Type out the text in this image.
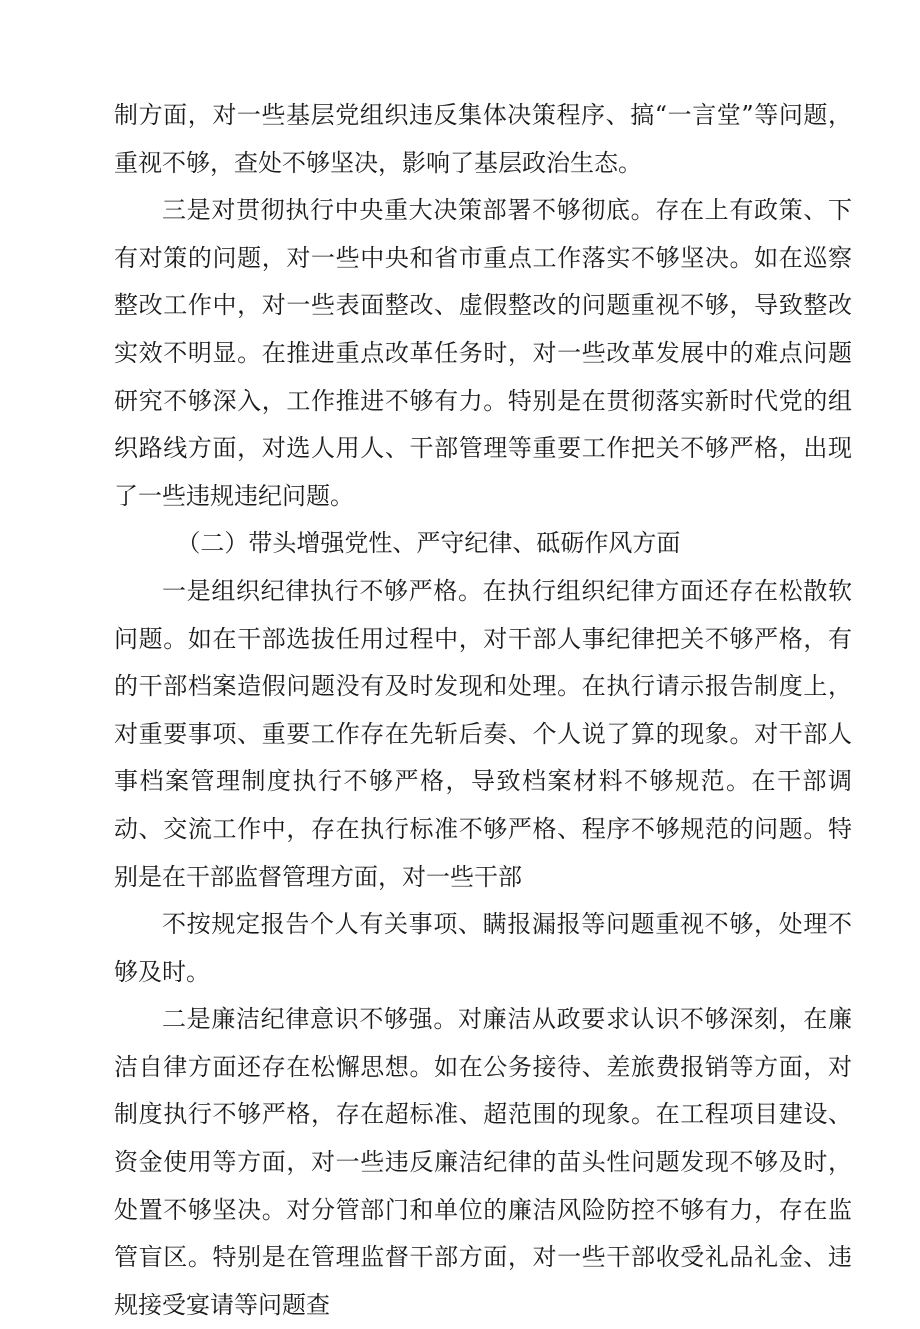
制方面，对一些基层党组织违反集体决策程序、搞“一言堂”等问题，重视不够，查处不够坚决，影响了基层政治生态。

三是对贯彻执行中央重大决策部署不够彻底。存在上有政策、下有对策的问题，对一些中央和省市重点工作落实不够坚决。如在巡察整改工作中，对一些表面整改、虚假整改的问题重视不够，导致整改实效不明显。在推进重点改革任务时，对一些改革发展中的难点问题研究不够深入，工作推进不够有力。特别是在贯彻落实新时代党的组织路线方面，对选人用人、干部管理等重要工作把关不够严格，出现了一些违规违纪问题。

（二）带头增强党性、严守纪律、砥砺作风方面

一是组织纪律执行不够严格。在执行组织纪律方面还存在松散软问题。如在干部选拔任用过程中，对干部人事纪律把关不够严格，有的干部档案造假问题没有及时发现和处理。在执行请示报告制度上，对重要事项、重要工作存在先斩后奏、个人说了算的现象。对干部人事档案管理制度执行不够严格，导致档案材料不够规范。在干部调动、交流工作中，存在执行标准不够严格、程序不够规范的问题。特别是在干部监督管理方面，对一些干部

不按规定报告个人有关事项、瞒报漏报等问题重视不够，处理不够及时。

二是廉洁纪律意识不够强。对廉洁从政要求认识不够深刻，在廉洁自律方面还存在松懈思想。如在公务接待、差旅费报销等方面，对制度执行不够严格，存在超标准、超范围的现象。在工程项目建设、资金使用等方面，对一些违反廉洁纪律的苗头性问题发现不够及时，处置不够坚决。对分管部门和单位的廉洁风险防控不够有力，存在监管盲区。特别是在管理监督干部方面，对一些干部收受礼品礼金、违规接受宴请等问题查
